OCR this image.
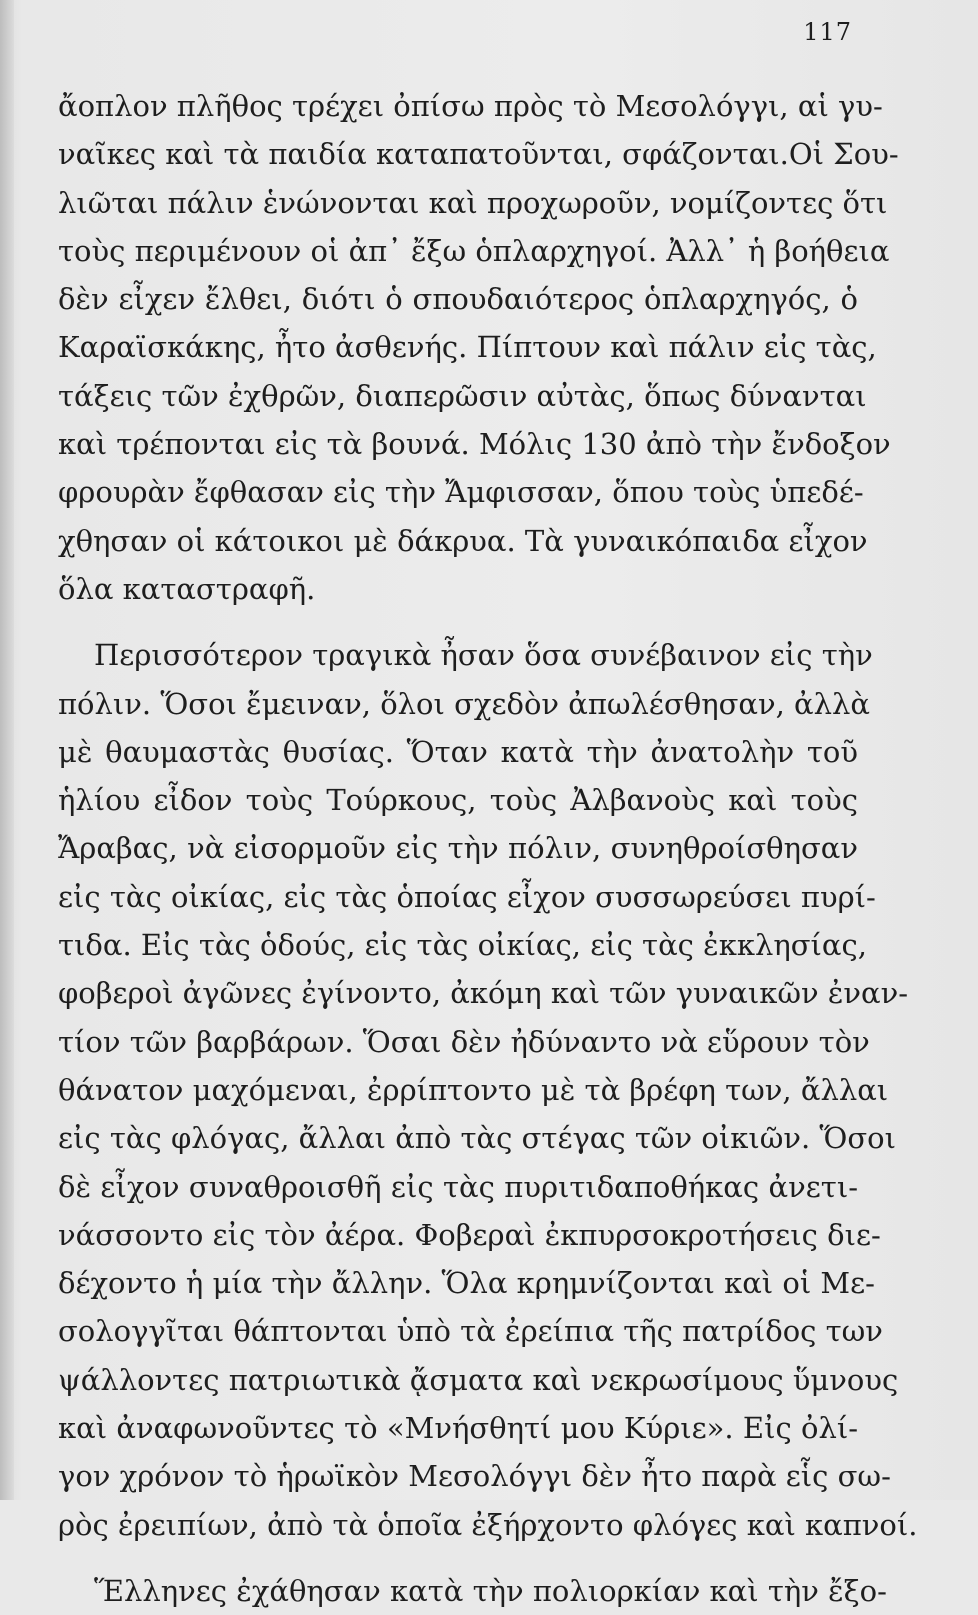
117
ἄοπλον πλῆθος τρέχει ὀπίσω πρὸς τὸ Μεσολόγγι, αἱ γυ-
ναῖκες καὶ τὰ παιδία καταπατοῦνται, σφάζονται.Οἱ Σου-
λιῶται πάλιν ἑνώνονται καὶ προχωροῦν, νομίζοντες ὅτι
τοὺς περιμένουν οἱ ἀπ᾿ ἔξω ὁπλαρχηγοί. Ἀλλ᾿ ἡ βοήθεια
δὲν εἶχεν ἔλθει, διότι ὁ σπουδαιότερος ὁπλαρχηγός, ὁ
Καραϊσκάκης, ἦτο ἀσθενής. Πίπτουν καὶ πάλιν εἰς τὰς,
τάξεις τῶν ἐχθρῶν, διαπερῶσιν αὐτὰς, ὅπως δύνανται
καὶ τρέπονται εἰς τὰ βουνά. Μόλις 130 ἀπὸ τὴν ἔνδοξον
φρουρὰν ἔφθασαν εἰς τὴν Ἄμφισσαν, ὅπου τοὺς ὑπεδέ-
χθησαν οἱ κάτοικοι μὲ δάκρυα. Τὰ γυναικόπαιδα εἶχον
ὅλα καταστραφῆ.
Περισσότερον τραγικὰ ἦσαν ὅσα συνέβαινον εἰς τὴν
πόλιν. Ὅσοι ἔμειναν, ὅλοι σχεδὸν ἀπωλέσθησαν, ἀλλὰ
μὲ θαυμαστὰς θυσίας. Ὅταν κατὰ τὴν ἀνατολὴν τοῦ
ἡλίου εἶδον τοὺς Τούρκους, τοὺς Ἀλβανοὺς καὶ τοὺς
Ἄραβας, νὰ εἰσορμοῦν εἰς τὴν πόλιν, συνηθροίσθησαν
εἰς τὰς οἰκίας, εἰς τὰς ὁποίας εἶχον συσσωρεύσει πυρί-
τιδα. Εἰς τὰς ὁδούς, εἰς τὰς οἰκίας, εἰς τὰς ἐκκλησίας,
φοβεροὶ ἀγῶνες ἐγίνοντο, ἀκόμη καὶ τῶν γυναικῶν ἐναν-
τίον τῶν βαρβάρων. Ὅσαι δὲν ἠδύναντο νὰ εὕρουν τὸν
θάνατον μαχόμεναι, ἐρρίπτοντο μὲ τὰ βρέφη των, ἄλλαι
εἰς τὰς φλόγας, ἄλλαι ἀπὸ τὰς στέγας τῶν οἰκιῶν. Ὅσοι
δὲ εἶχον συναθροισθῆ εἰς τὰς πυριτιδαποθήκας ἀνετι-
νάσσοντο εἰς τὸν ἀέρα. Φοβεραὶ ἐκπυρσοκροτήσεις διε-
δέχοντο ἡ μία τὴν ἄλλην. Ὅλα κρημνίζονται καὶ οἱ Με-
σολογγῖται θάπτονται ὑπὸ τὰ ἐρείπια τῆς πατρίδος των
ψάλλοντες πατριωτικὰ ᾄσματα καὶ νεκρωσίμους ὕμνους
καὶ ἀναφωνοῦντες τὸ «Μνήσθητί μου Κύριε». Εἰς ὀλί-
γον χρόνον τὸ ἡρωϊκὸν Μεσολόγγι δὲν ἦτο παρὰ εἷς σω-
ρὸς ἐρειπίων, ἀπὸ τὰ ὁποῖα ἐξήρχοντο φλόγες καὶ καπνοί.
Ἕλληνες ἐχάθησαν κατὰ τὴν πολιορκίαν καὶ τὴν ἔξο-
